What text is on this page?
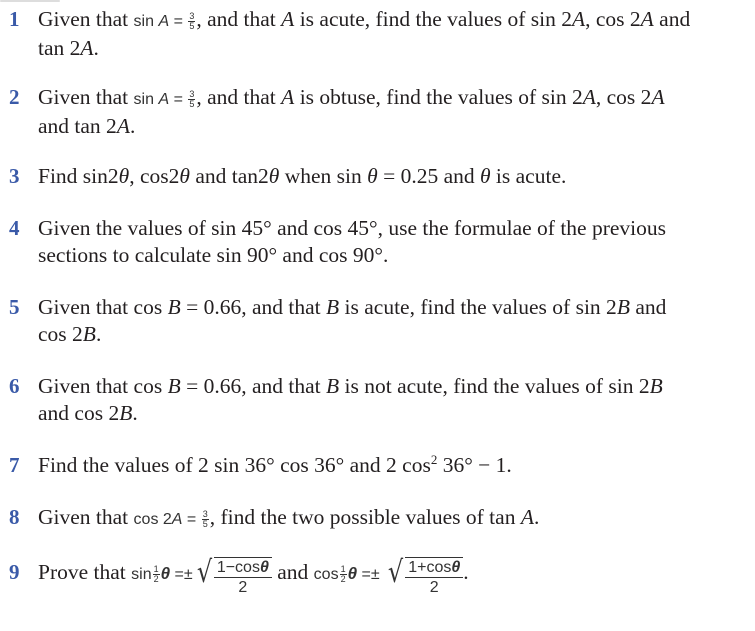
1 Given that $\sin A = \frac{3}{5}$ , and that A is acute, find the values of sin 2A, cos 2A and
tan 2A.
2 Given that $\sin A = \frac{3}{5}$ , and that A is obtuse, find the values of sin 2A, cos 2A
and tan 2A.
3 Find sin2θ, cos2θ and tan2θ when sin θ = 0.25 and θ is acute.
4 Given the values of sin 45° and cos 45°, use the formulae of the previous
sections to calculate sin 90° and cos 90°.
5 Given that cos B = 0.66, and that B is acute, find the values of sin 2B and
cos 2B.
6 Given that cos B = 0.66, and that B is not acute, find the values of sin 2B
and cos 2B.
7 Find the values of 2 sin 36° cos 36° and 2 $\cos^2 36^\circ - 1$.
8 Given that $\cos 2A = \frac{3}{5}$ , find the two possible values of tan A.
9 Prove that $\sin \frac{1}{2}$ θ =± √ $\frac{1-\cos\theta}{2}$ and $\cos \frac{1}{2}$ θ =± √ $\frac{1+\cos\theta}{2}$ .
